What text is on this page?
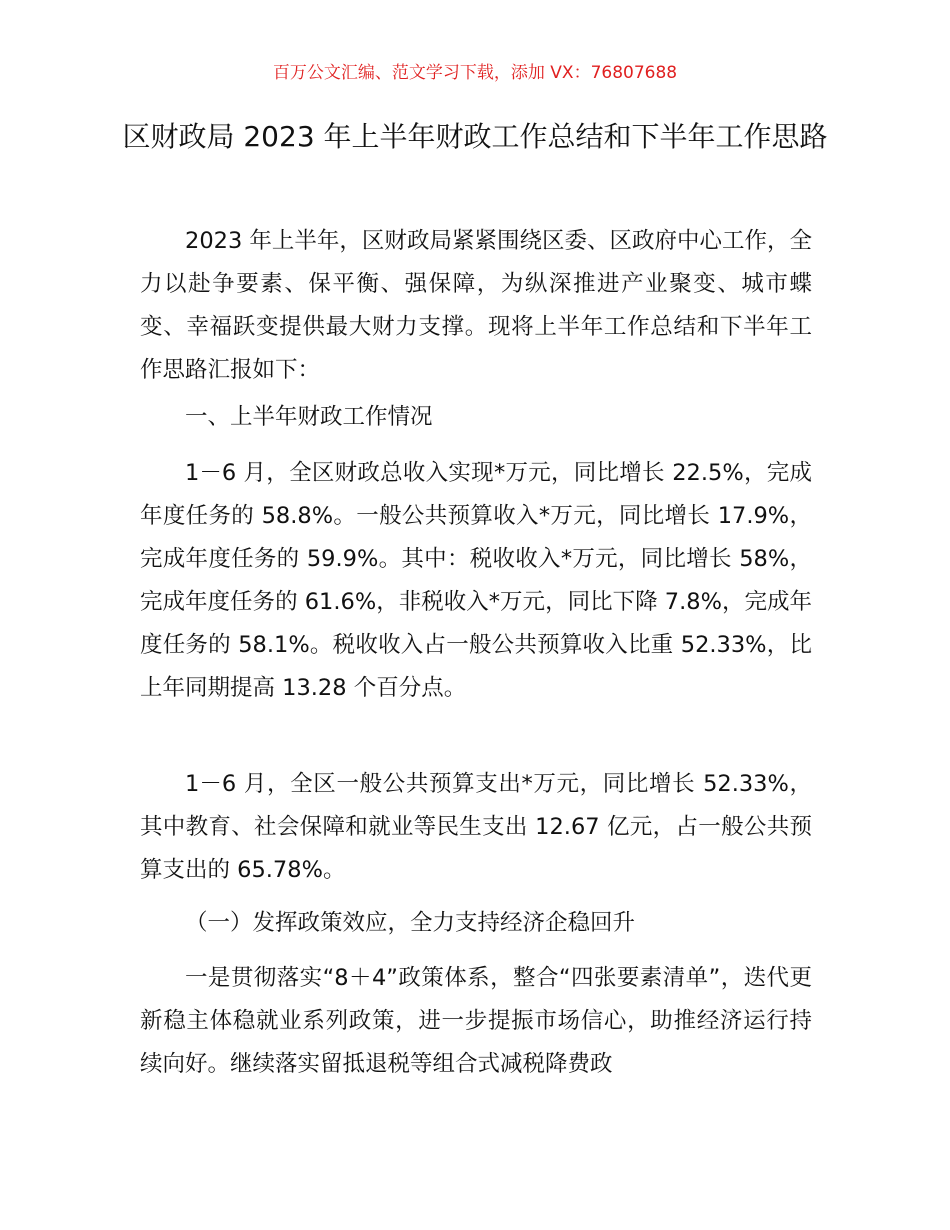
百万公文汇编、范文学习下载，添加 VX：76807688
区财政局 2023 年上半年财政工作总结和下半年工作思路

2023 年上半年，区财政局紧紧围绕区委、区政府中心工作，全力以赴争要素、保平衡、强保障，为纵深推进产业聚变、城市蝶变、幸福跃变提供最大财力支撑。现将上半年工作总结和下半年工作思路汇报如下：

一、上半年财政工作情况

1－6 月，全区财政总收入实现*万元，同比增长 22.5%，完成年度任务的 58.8%。一般公共预算收入*万元，同比增长 17.9%，完成年度任务的 59.9%。其中：税收收入*万元，同比增长 58%，完成年度任务的 61.6%，非税收入*万元，同比下降 7.8%，完成年度任务的 58.1%。税收收入占一般公共预算收入比重 52.33%，比上年同期提高 13.28 个百分点。

1－6 月，全区一般公共预算支出*万元，同比增长 52.33%，其中教育、社会保障和就业等民生支出 12.67 亿元，占一般公共预算支出的 65.78%。

（一）发挥政策效应，全力支持经济企稳回升

一是贯彻落实“8＋4”政策体系，整合“四张要素清单”，迭代更新稳主体稳就业系列政策，进一步提振市场信心，助推经济运行持续向好。继续落实留抵退税等组合式减税降费政
